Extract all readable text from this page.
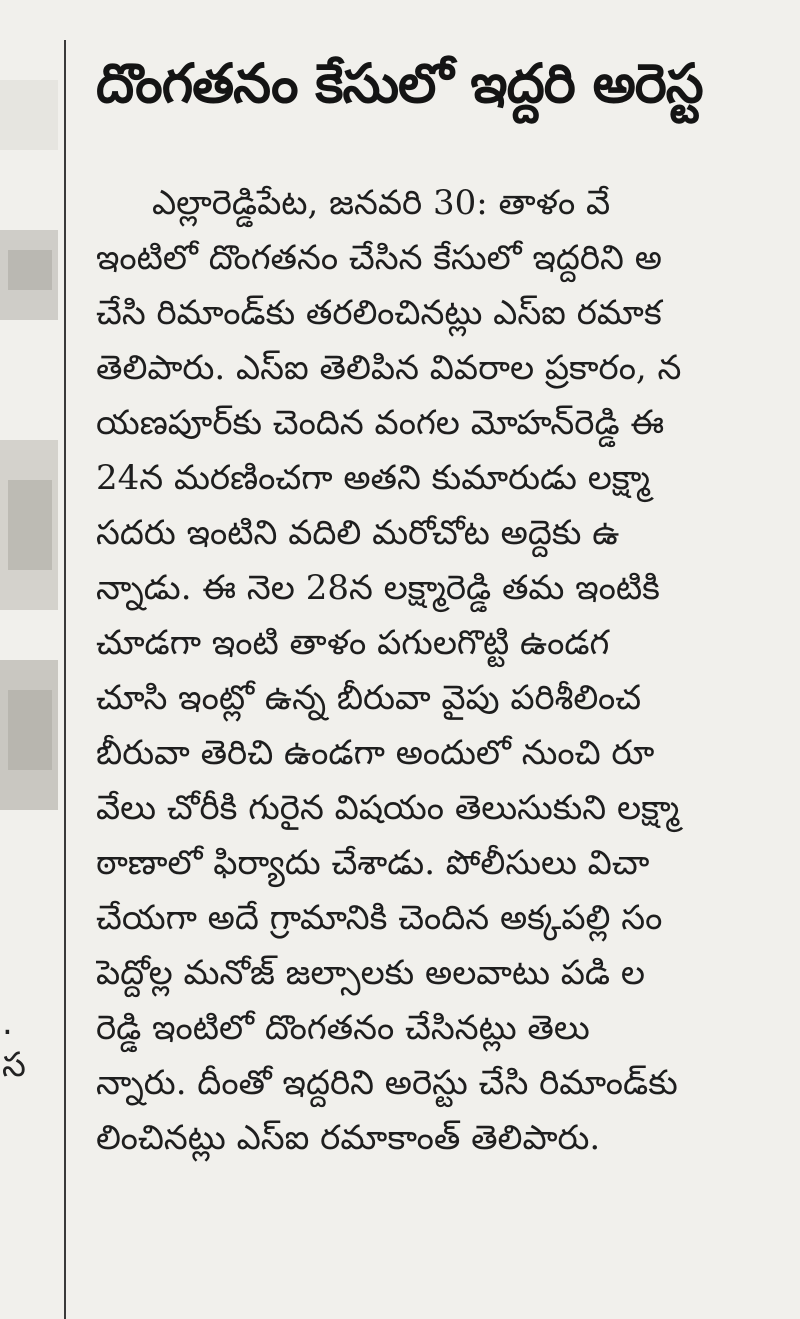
.
స
దొంగతనం కేసులో ఇద్దరి అరెస్ట
ఎల్లారెడ్డిపేట, జనవరి 30: తాళం వే
ఇంటిలో దొంగతనం చేసిన కేసులో ఇద్దరిని అ
చేసి రిమాండ్‌కు తరలించినట్లు ఎస్ఐ రమాక
తెలిపారు. ఎస్ఐ తెలిపిన వివరాల ప్రకారం, న
యణపూర్‌కు చెందిన వంగల మోహన్‌రెడ్డి ఈ
24న మరణించగా అతని కుమారుడు లక్ష్మా
సదరు ఇంటిని వదిలి మరోచోట అద్దెకు ఉ
న్నాడు. ఈ నెల 28న లక్ష్మారెడ్డి తమ ఇంటికి
చూడగా ఇంటి తాళం పగులగొట్టి ఉండగ
చూసి ఇంట్లో ఉన్న బీరువా వైపు పరిశీలించ
బీరువా తెరిచి ఉండగా అందులో నుంచి రూ
వేలు చోరీకి గురైన విషయం తెలుసుకుని లక్ష్మా
ఠాణాలో ఫిర్యాదు చేశాడు. పోలీసులు విచా
చేయగా అదే గ్రామానికి చెందిన అక్కపల్లి సం
పెద్దోల్ల మనోజ్ జల్సాలకు అలవాటు పడి ల
రెడ్డి ఇంటిలో దొంగతనం చేసినట్లు తెలు
న్నారు. దీంతో ఇద్దరిని అరెస్టు చేసి రిమాండ్‌కు
లించినట్లు ఎస్ఐ రమాకాంత్ తెలిపారు.
